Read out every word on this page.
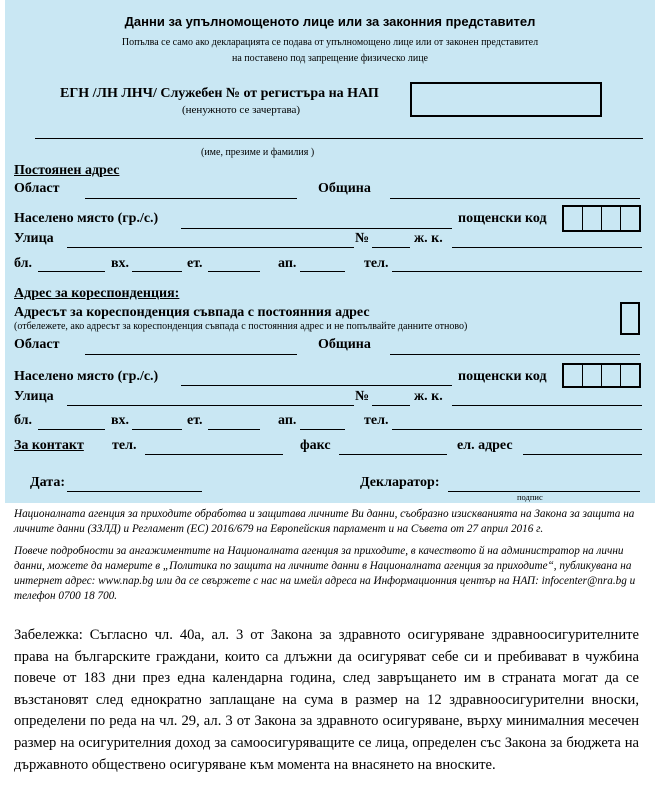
Данни за упълномощеното лице или за законния представител
Попълва се само ако декларацията се подава от упълномощено лице или от законен представител
на поставено под запрещение физическо лице
ЕГН /ЛН ЛНЧ/ Служебен № от регистъра на НАП
(ненужното се зачертава)
(име, презиме и фамилия )
Постоянен адрес
Област	Община
Населено място (гр./с.)	пощенски код
Улица	№	ж. к.
бл.	вх.	ет.	ап.	тел.
Адрес за кореспонденция:
Адресът за кореспонденция съвпада с постоянния адрес
(отбележете, ако адресът за кореспонденция съвпада с постоянния адрес и не попълвайте данните отново)
Област	Община
Населено място (гр./с.)	пощенски код
Улица	№	ж. к.
бл.	вх.	ет.	ап.	тел.
За контакт тел.	факс	ел. адрес
Дата:	Декларатор:
подпис
Националната агенция за приходите обработва и защитава личните Ви данни, съобразно изискванията на Закона за защита на личните данни (ЗЗЛД) и Регламент (ЕС) 2016/679 на Европейския парламент и на Съвета от 27 април 2016 г.
Повече подробности за ангажиментите на Националната агенция за приходите, в качеството й на администратор на лични данни, можете да намерите в „Политика по защита на личните данни в Националната агенция за приходите“, публикувана на интернет адрес: www.nap.bg или да се свържете с нас на имейл адреса на Информационния център на НАП: infocenter@nra.bg и телефон 0700 18 700.
Забележка: Съгласно чл. 40а, ал. 3 от Закона за здравното осигуряване здравноосигурителните права на българските граждани, които са длъжни да осигуряват себе си и пребивават в чужбина повече от 183 дни през една календарна година, след завръщането им в страната могат да се възстановят след еднократно заплащане на сума в размер на 12 здравноосигурителни вноски, определени по реда на чл. 29, ал. 3 от Закона за здравното осигуряване, върху минималния месечен размер на осигурителния доход за самоосигуряващите се лица, определен със Закона за бюджета на държавното обществено осигуряване към момента на внасянето на вноските.
